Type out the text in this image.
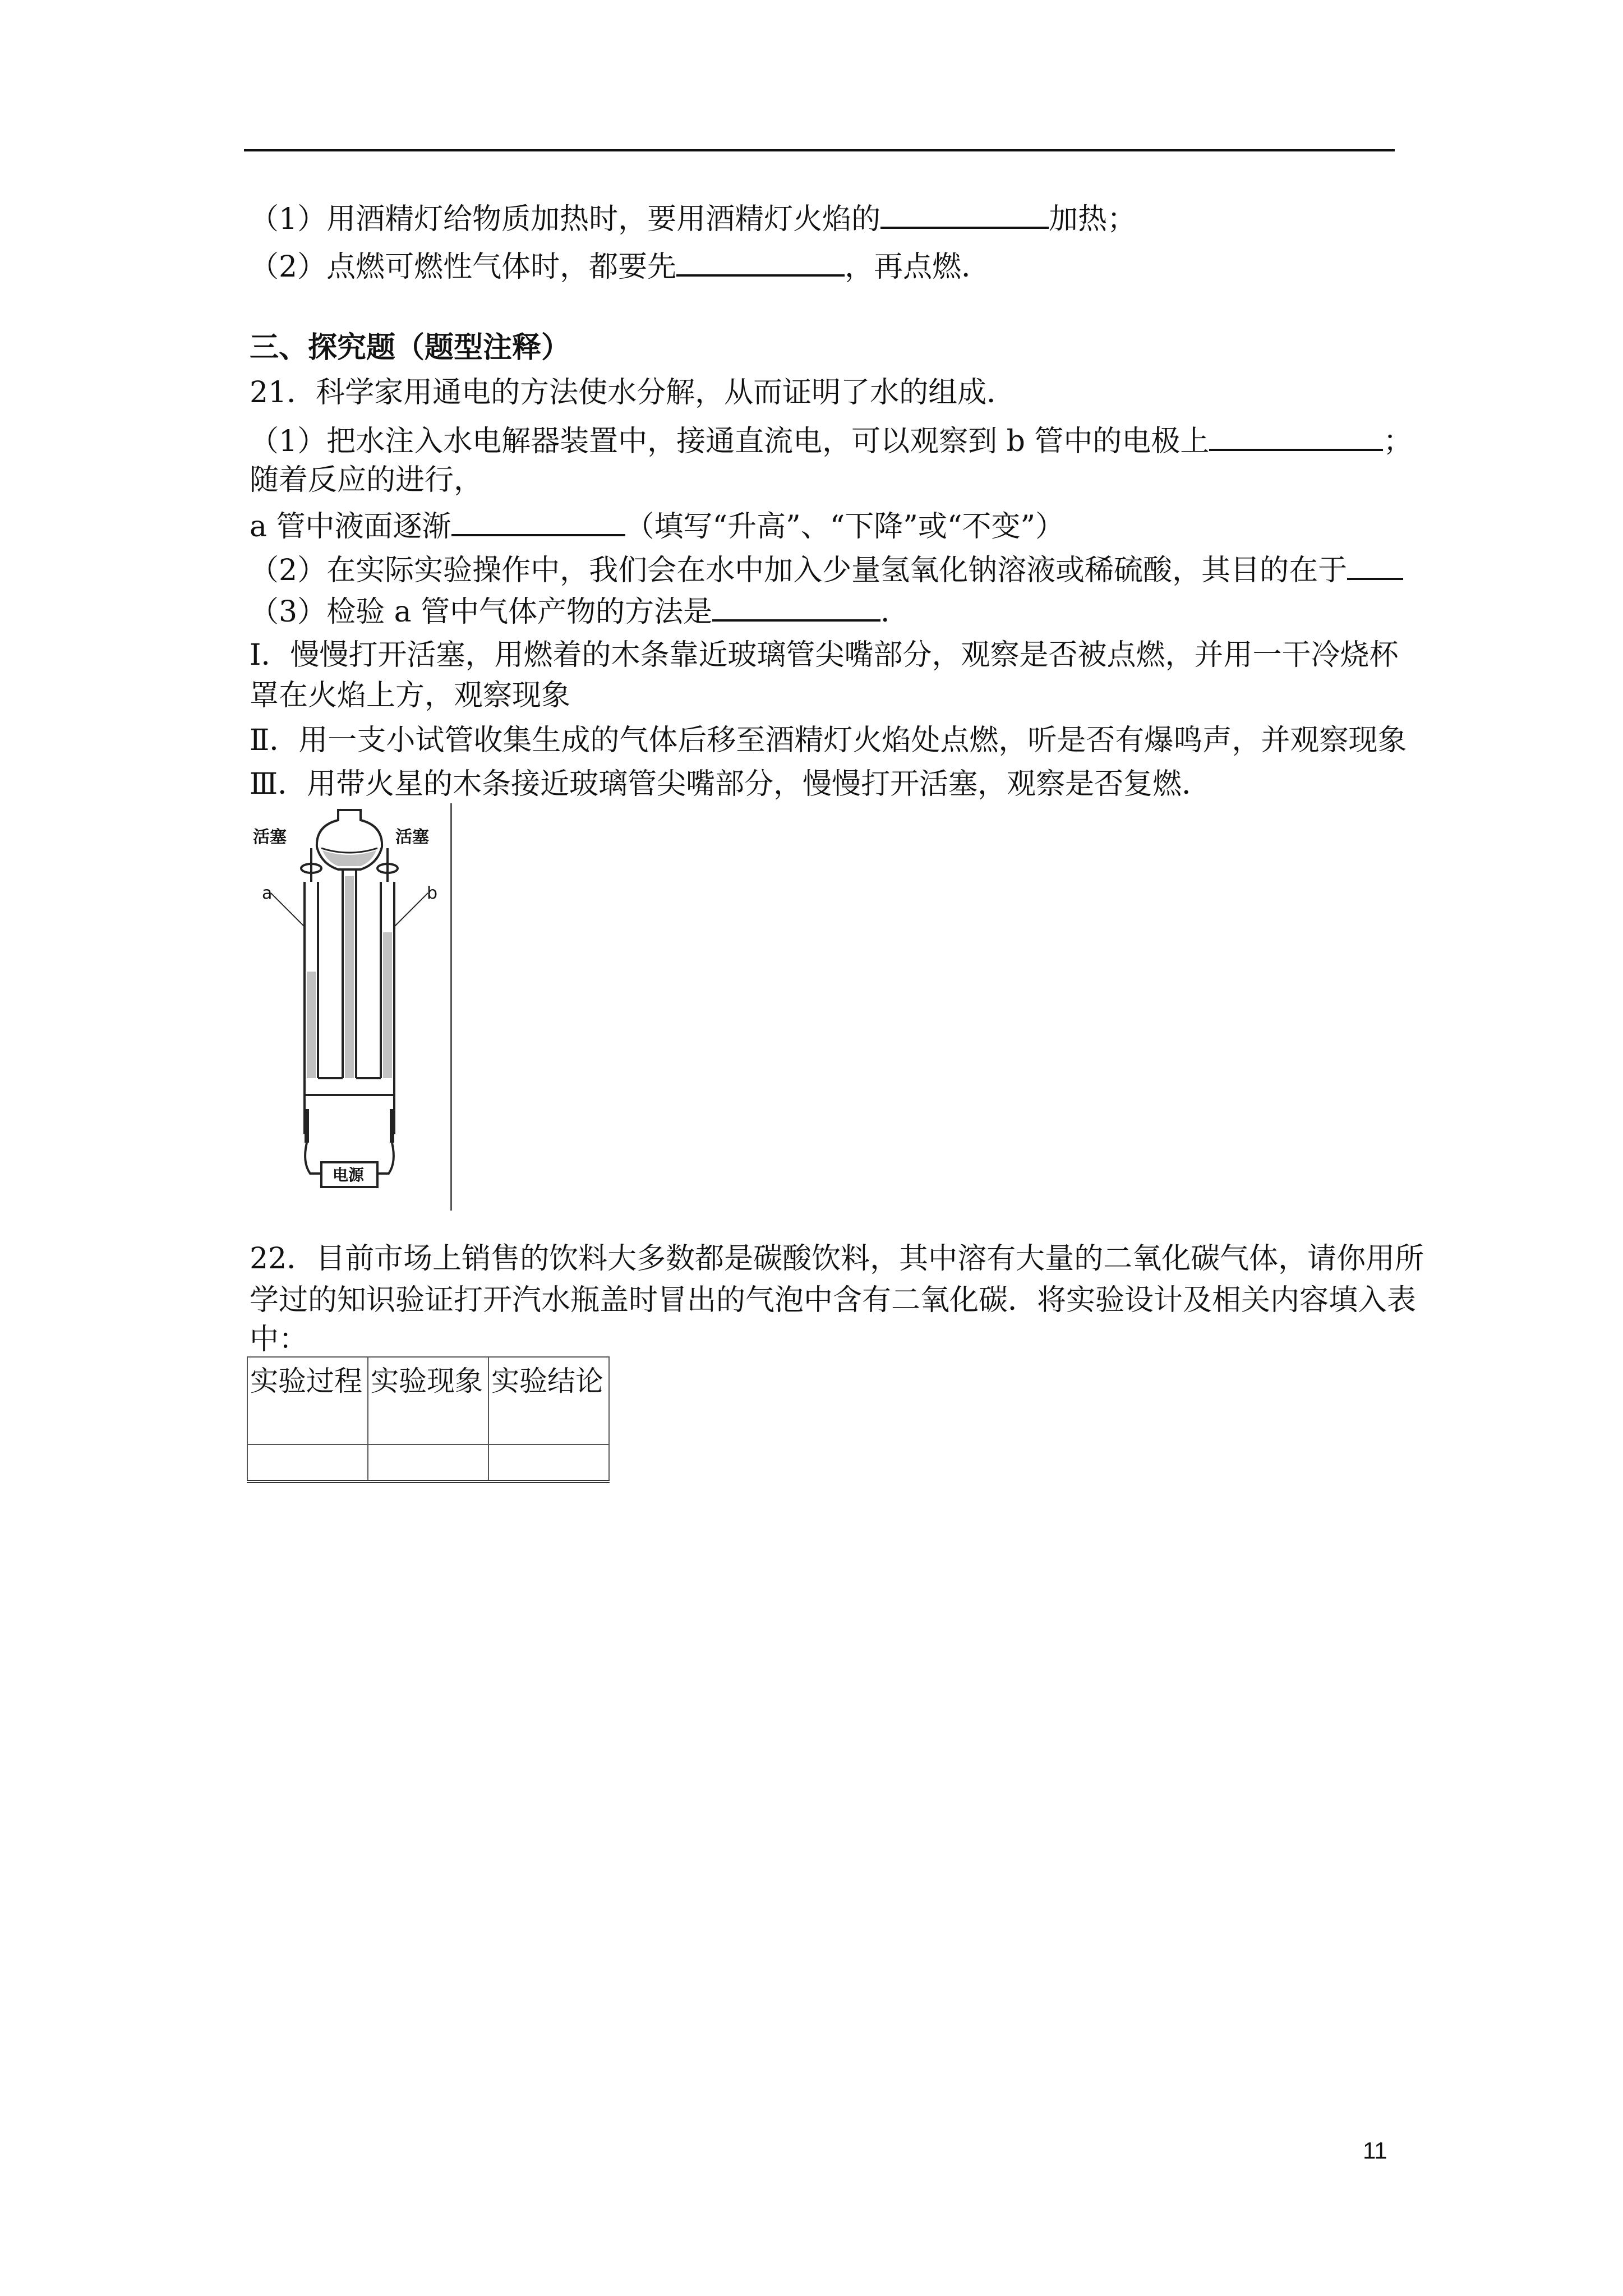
（1）用酒精灯给物质加热时，要用酒精灯火焰的	加热；
（2）点燃可燃性气体时，都要先	，再点燃．
三、探究题（题型注释）
21．科学家用通电的方法使水分解，从而证明了水的组成．
（1）把水注入水电解器装置中，接通直流电，可以观察到 b 管中的电极上	；
随着反应的进行，
a 管中液面逐渐	（填写“升高”、“下降”或“不变”）
（2）在实际实验操作中，我们会在水中加入少量氢氧化钠溶液或稀硫酸，其目的在于
（3）检验 a 管中气体产物的方法是	．
Ⅰ．慢慢打开活塞，用燃着的木条靠近玻璃管尖嘴部分，观察是否被点燃，并用一干冷烧杯
罩在火焰上方，观察现象
Ⅱ．用一支小试管收集生成的气体后移至酒精灯火焰处点燃，听是否有爆鸣声，并观察现象
Ⅲ．用带火星的木条接近玻璃管尖嘴部分，慢慢打开活塞，观察是否复燃．
活塞	活塞
a	b
电源
22．目前市场上销售的饮料大多数都是碳酸饮料，其中溶有大量的二氧化碳气体，请你用所
学过的知识验证打开汽水瓶盖时冒出的气泡中含有二氧化碳．将实验设计及相关内容填入表
中：
实验过程	实验现象	实验结论

11
